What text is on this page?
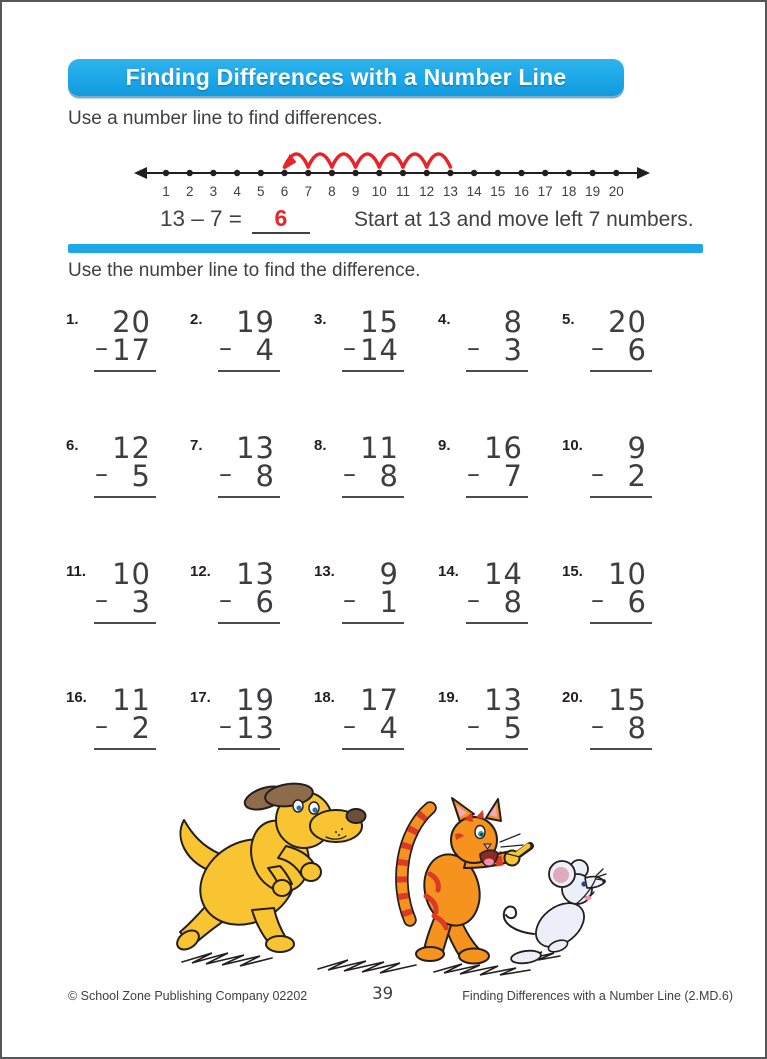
Finding Differences with a Number Line
Use a number line to find differences.
1 2 3 4 5 6 7 8 9 10 11 12 13 14 15 16 17 18 19 20
13 – 7 =	6	Start at 13 and move left 7 numbers.
Use the number line to find the difference.
1.	20
– 17
2.	19
– 4
3.	15
– 14
4.	8
– 3
5.	20
– 6
6.	12
– 5
7.	13
– 8
8.	11
– 8
9.	16
– 7
10.	9
– 2
11. 10
– 3
12. 13
– 6
13.	9
– 1
14. 14
– 8
15. 10
– 6
16. 11
– 2
17. 19
– 13
18. 17
– 4
19. 13
– 5
20. 15
– 8
© School Zone Publishing Company 02202	39	Finding Differences with a Number Line (2.MD.6)
